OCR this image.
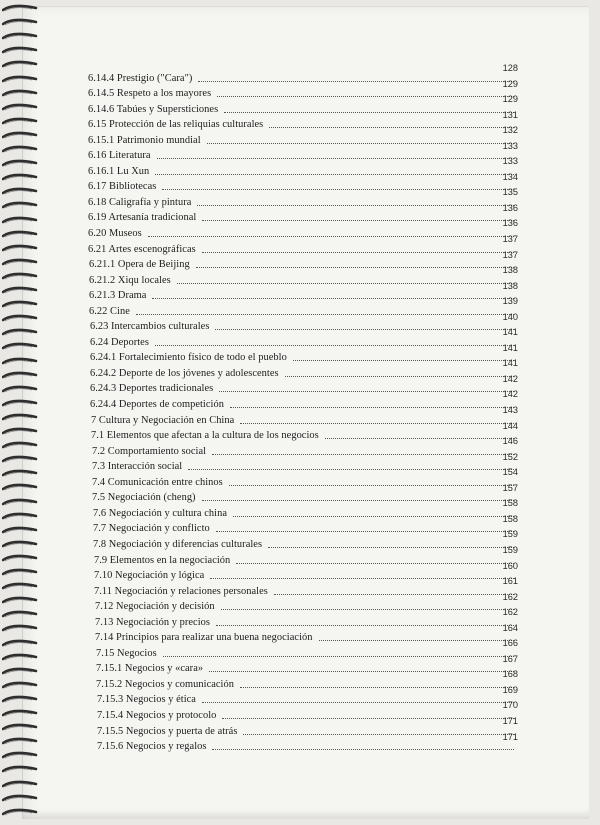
6.14.4 Prestigio ("Cara")
128
6.14.5 Respeto a los mayores
129
6.14.6 Tabúes y Supersticiones
129
6.15 Protección de las reliquias culturales
131
6.15.1 Patrimonio mundial
132
6.16 Literatura
133
6.16.1 Lu Xun
133
6.17 Bibliotecas
134
6.18 Caligrafía y pintura
135
6.19 Artesanía tradicional
136
6.20 Museos
136
6.21 Artes escenográficas
137
6.21.1 Opera de Beijing
137
6.21.2 Xiqu locales
138
6.21.3 Drama
138
6.22 Cine
139
6.23 Intercambios culturales
140
6.24 Deportes
141
6.24.1 Fortalecimiento físico de todo el pueblo
141
6.24.2 Deporte de los jóvenes y adolescentes
141
6.24.3 Deportes tradicionales
142
6.24.4 Deportes de competición
142
7 Cultura y Negociación en China
143
7.1 Elementos que afectan a la cultura de los negocios
144
7.2 Comportamiento social
146
7.3 Interacción social
152
7.4 Comunicación entre chinos
154
7.5 Negociación (cheng)
157
7.6 Negociación y cultura china
158
7.7 Negociación y conflicto
158
7.8 Negociación y diferencias culturales
159
7.9 Elementos en la negociación
159
7.10 Negociación y lógica
160
7.11 Negociación y relaciones personales
161
7.12 Negociación y decisión
162
7.13 Negociación y precios
162
7.14 Principios para realizar una buena negociación
164
7.15 Negocios
166
7.15.1 Negocios y «cara»
167
7.15.2 Negocios y comunicación
168
7.15.3 Negocios y ética
169
7.15.4 Negocios y protocolo
170
7.15.5 Negocios y puerta de atrás
171
7.15.6 Negocios y regalos
171
